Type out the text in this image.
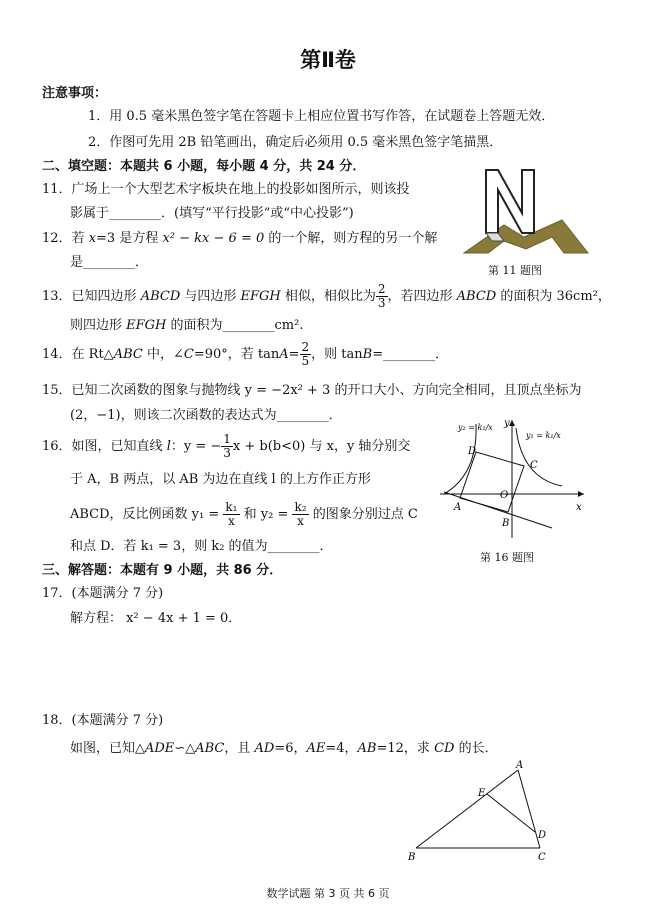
第Ⅱ卷
注意事项：
1．用 0.5 毫米黑色签字笔在答题卡上相应位置书写作答，在试题卷上答题无效．
2．作图可先用 2B 铅笔画出，确定后必须用 0.5 毫米黑色签字笔描黑．
二、填空题：本题共 6 小题，每小题 4 分，共 24 分．
11．广场上一个大型艺术字板块在地上的投影如图所示，则该投
影属于________．(填写“平行投影”或“中心投影”)
第 11 题图
12．若 x=3 是方程 x² − kx − 6 = 0 的一个解，则方程的另一个解
是________．
13．已知四边形 ABCD 与四边形 EFGH 相似，相似比为 $\frac{2}{3}$ ，若四边形 ABCD 的面积为 36cm²，
则四边形 EFGH 的面积为________cm².
14．在 Rt△ABC 中，∠C=90°，若 $\tan A= \frac{2}{5}$ ，则 tanB=________．
15．已知二次函数的图象与抛物线 y = −2x² + 3 的开口大小、方向完全相同，且顶点坐标为
(2，−1)，则该二次函数的表达式为________．
16．如图，已知直线 l：y = − $\frac{1}{3}$ x + b(b<0) 与 x，y 轴分别交
于 A，B 两点，以 AB 为边在直线 l 的上方作正方形
ABCD，反比例函数 $y_1 = \frac{\text{k₁}}{x}$ 和 $y_2 = \frac{\text{k₂}}{x}$ 的图象分别过点 C
和点 D．若 k₁ = 3，则 k₂ 的值为________．
y₂ = k₂/x
y₁ = k₁/x
y
x
D
C
A
B
O
第 16 题图
三、解答题：本题有 9 小题，共 86 分．
17．(本题满分 7 分)
解方程： x² − 4x + 1 = 0．
18．(本题满分 7 分)
如图，已知△ADE∽△ABC，且 AD=6，AE=4，AB=12，求 CD 的长．
A
E
D
B	C
数学试题 第 3 页 共 6 页
